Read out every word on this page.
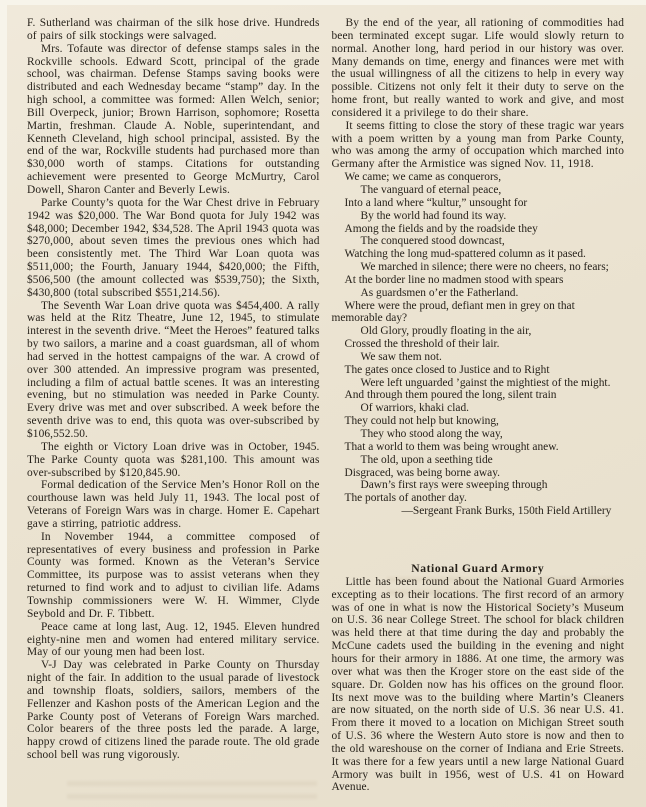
F. Sutherland was chairman of the silk hose drive. Hundreds of pairs of silk stockings were salvaged.

Mrs. Tofaute was director of defense stamps sales in the Rockville schools. Edward Scott, principal of the grade school, was chairman. Defense Stamps saving books were distributed and each Wednesday became “stamp” day. In the high school, a committee was formed: Allen Welch, senior; Bill Overpeck, junior; Brown Harrison, sophomore; Rosetta Martin, freshman. Claude A. Noble, superintendant, and Kenneth Cleveland, high school principal, assisted. By the end of the war, Rockville students had purchased more than $30,000 worth of stamps. Citations for outstanding achievement were presented to George McMurtry, Carol Dowell, Sharon Canter and Beverly Lewis.

Parke County’s quota for the War Chest drive in February 1942 was $20,000. The War Bond quota for July 1942 was $48,000; December 1942, $34,528. The April 1943 quota was $270,000, about seven times the previous ones which had been consistently met. The Third War Loan quota was $511,000; the Fourth, January 1944, $420,000; the Fifth, $506,500 (the amount collected was $539,750); the Sixth, $430,800 (total subscribed $551,214.56).

The Seventh War Loan drive quota was $454,400. A rally was held at the Ritz Theatre, June 12, 1945, to stimulate interest in the seventh drive. “Meet the Heroes” featured talks by two sailors, a marine and a coast guardsman, all of whom had served in the hottest campaigns of the war. A crowd of over 300 attended. An impressive program was presented, including a film of actual battle scenes. It was an interesting evening, but no stimulation was needed in Parke County. Every drive was met and over subscribed. A week before the seventh drive was to end, this quota was over-subscribed by $106,552.50.

The eighth or Victory Loan drive was in October, 1945. The Parke County quota was $281,100. This amount was over-subscribed by $120,845.90.

Formal dedication of the Service Men’s Honor Roll on the courthouse lawn was held July 11, 1943. The local post of Veterans of Foreign Wars was in charge. Homer E. Capehart gave a stirring, patriotic address.

In November 1944, a committee composed of representatives of every business and profession in Parke County was formed. Known as the Veteran’s Service Committee, its purpose was to assist veterans when they returned to find work and to adjust to civilian life. Adams Township commissioners were W. H. Wimmer, Clyde Seybold and Dr. F. Tibbett.

Peace came at long last, Aug. 12, 1945. Eleven hundred eighty-nine men and women had entered military service. May of our young men had been lost.

V-J Day was celebrated in Parke County on Thursday night of the fair. In addition to the usual parade of livestock and township floats, soldiers, sailors, members of the Fellenzer and Kashon posts of the American Legion and the Parke County post of Veterans of Foreign Wars marched. Color bearers of the three posts led the parade. A large, happy crowd of citizens lined the parade route. The old grade school bell was rung vigorously.

By the end of the year, all rationing of commodities had been terminated except sugar. Life would slowly return to normal. Another long, hard period in our history was over. Many demands on time, energy and finances were met with the usual willingness of all the citizens to help in every way possible. Citizens not only felt it their duty to serve on the home front, but really wanted to work and give, and most considered it a privilege to do their share.

It seems fitting to close the story of these tragic war years with a poem written by a young man from Parke County, who was among the army of occupation which marched into Germany after the Armistice was signed Nov. 11, 1918.

We came; we came as conquerors,
The vanguard of eternal peace,
Into a land where “kultur,” unsought for
By the world had found its way.
Among the fields and by the roadside they
The conquered stood downcast,
Watching the long mud-spattered column as it pased.
We marched in silence; there were no cheers, no fears;
At the border line no madmen stood with spears
As guardsmen o’er the Fatherland.
Where were the proud, defiant men in grey on that memorable day?
Old Glory, proudly floating in the air,
Crossed the threshold of their lair.
We saw them not.
The gates once closed to Justice and to Right
Were left unguarded ’gainst the mightiest of the might.
And through them poured the long, silent train
Of warriors, khaki clad.
They could not help but knowing,
They who stood along the way,
That a world to them was being wrought anew.
The old, upon a seething tide
Disgraced, was being borne away.
Dawn’s first rays were sweeping through
The portals of another day.
—Sergeant Frank Burks, 150th Field Artillery
National Guard Armory

Little has been found about the National Guard Armories excepting as to their locations. The first record of an armory was of one in what is now the Historical Society’s Museum on U.S. 36 near College Street. The school for black children was held there at that time during the day and probably the McCune cadets used the building in the evening and night hours for their armory in 1886. At one time, the armory was over what was then the Kroger store on the east side of the square. Dr. Golden now has his offices on the ground floor. Its next move was to the building where Martin’s Cleaners are now situated, on the north side of U.S. 36 near U.S. 41. From there it moved to a location on Michigan Street south of U.S. 36 where the Western Auto store is now and then to the old wareshouse on the corner of Indiana and Erie Streets. It was there for a few years until a new large National Guard Armory was built in 1956, west of U.S. 41 on Howard Avenue.
